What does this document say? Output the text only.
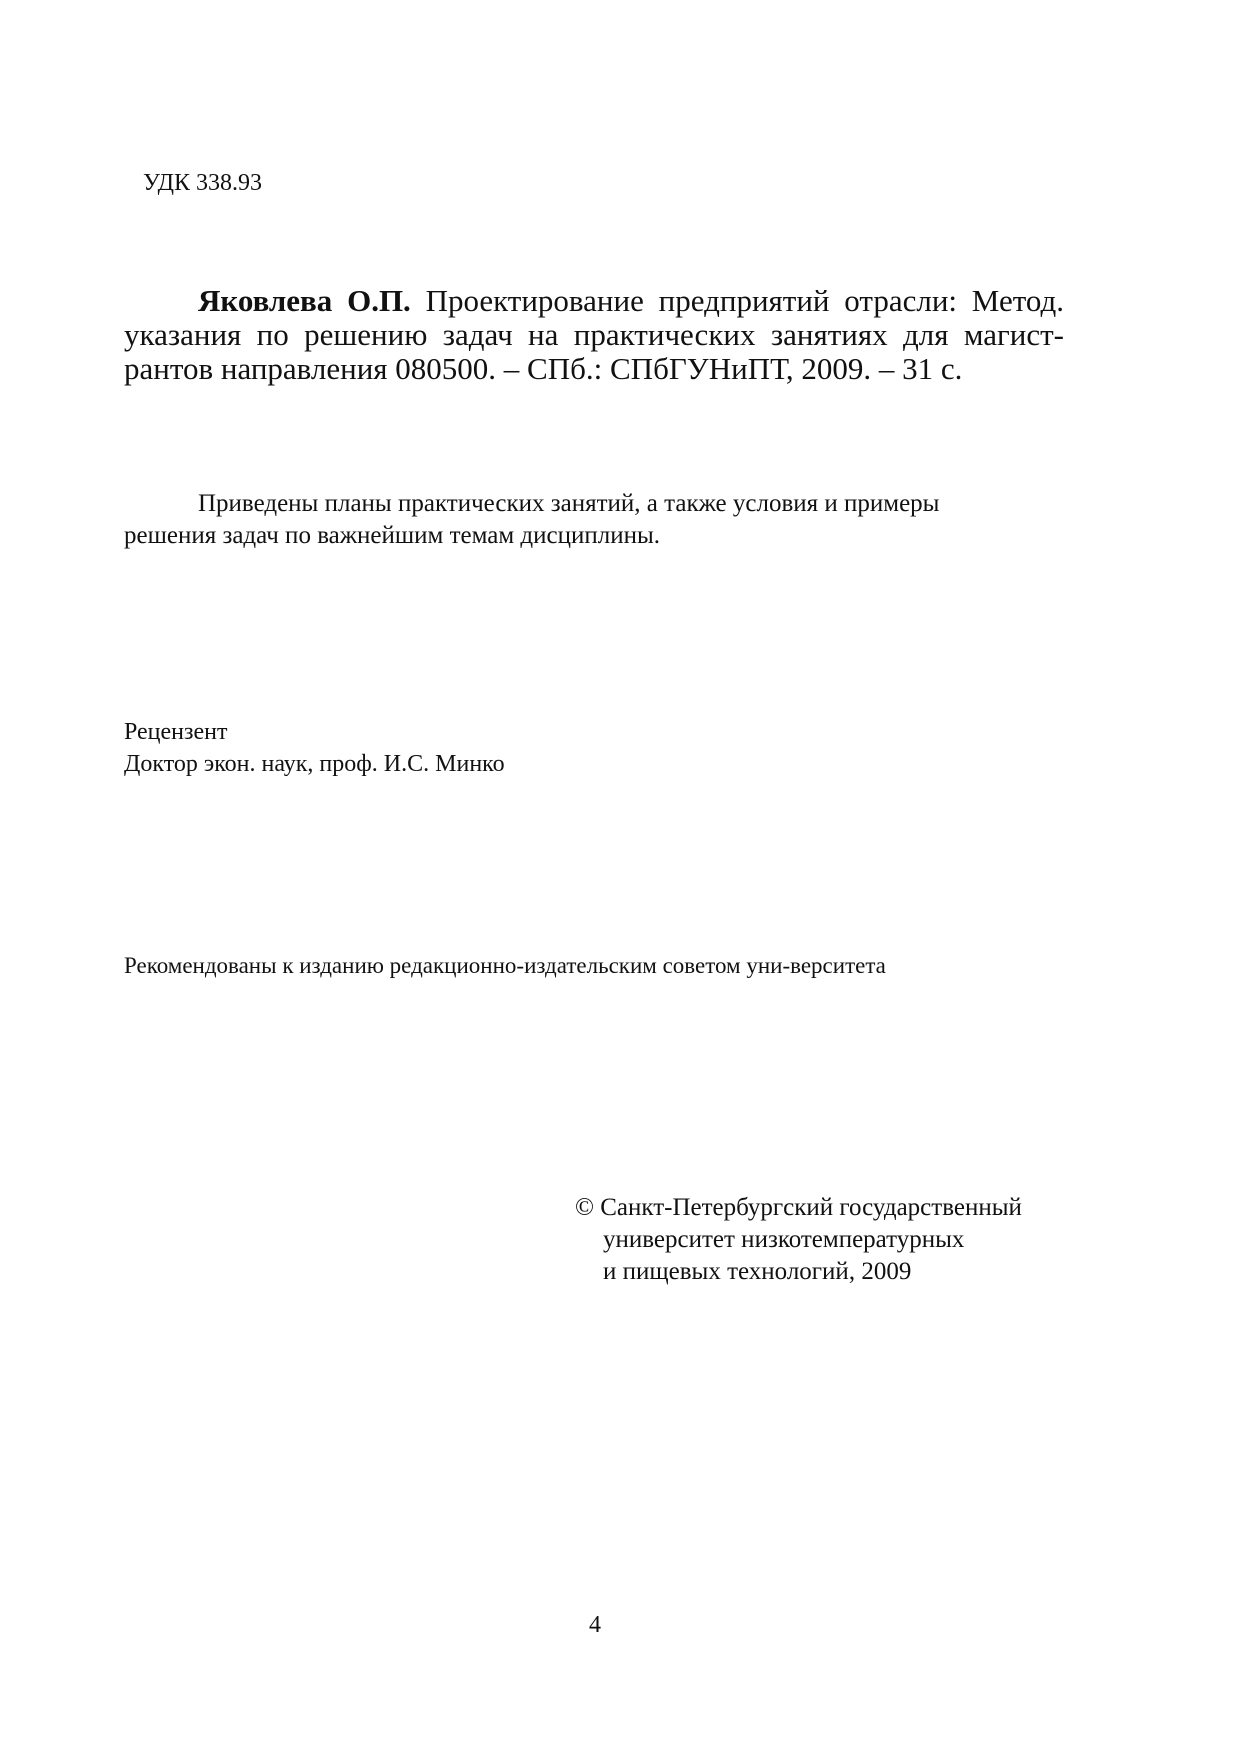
УДК 338.93
Яковлева О.П. Проектирование предприятий отрасли: Метод. указания по решению задач на практических занятиях для магист-рантов направления 080500. – СПб.: СПбГУНиПТ, 2009. – 31 с.
Приведены планы практических занятий, а также условия и примеры решения задач по важнейшим темам дисциплины.
Рецензент
Доктор экон. наук, проф. И.С. Минко
Рекомендованы к изданию редакционно-издательским советом уни-верситета
© Санкт-Петербургский государственный
университет низкотемпературных
и пищевых технологий, 2009
4
